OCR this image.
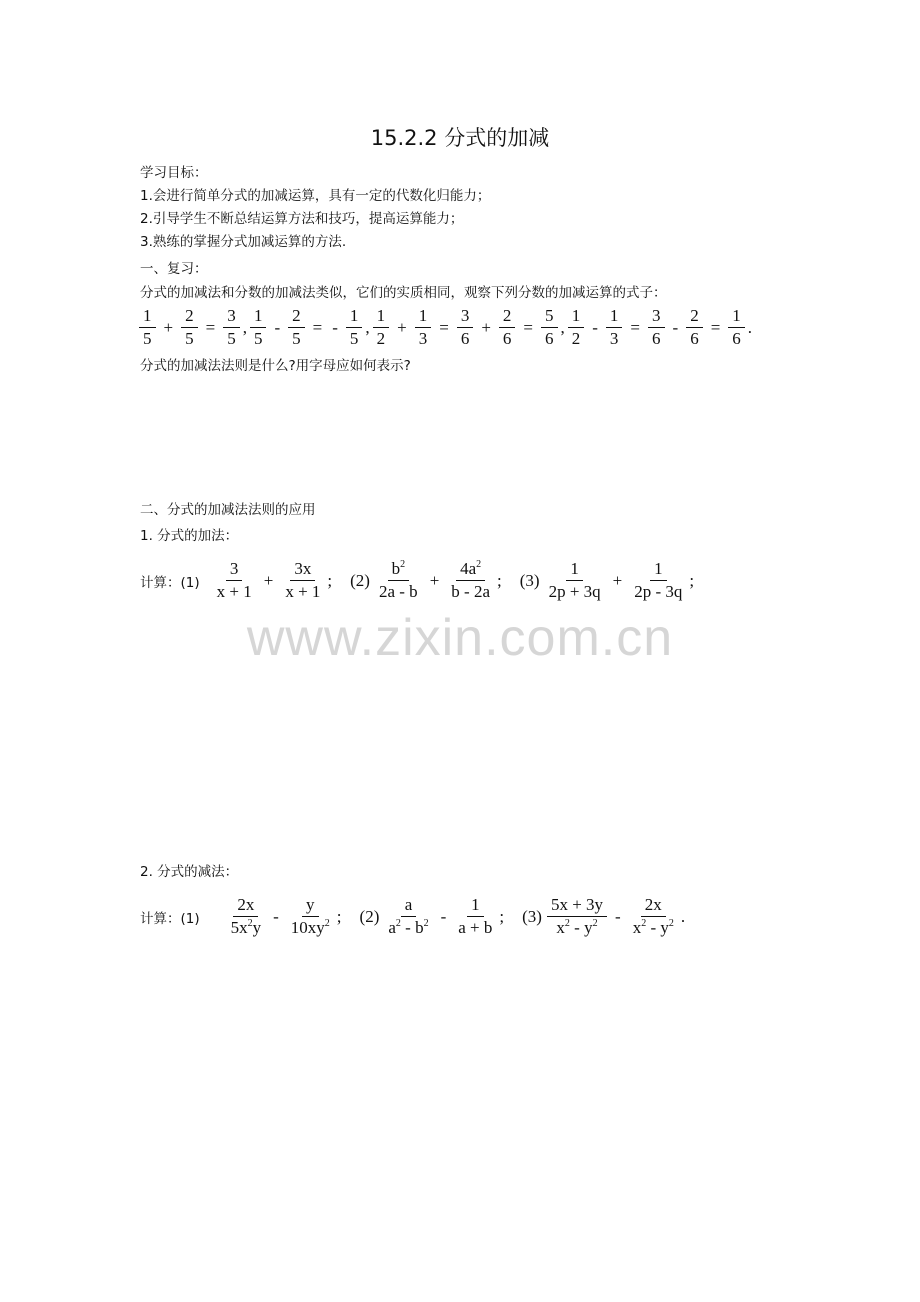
15.2.2 分式的加减
学习目标：
1.会进行简单分式的加减运算，具有一定的代数化归能力；
2.引导学生不断总结运算方法和技巧，提高运算能力；
3.熟练的掌握分式加减运算的方法.
一、复习：
分式的加减法和分数的加减法类似，它们的实质相同，观察下列分数的加减运算的式子：
$\frac{1}{5} + \frac{2}{5} = \frac{3}{5}$ , $\frac{1}{5} - \frac{2}{5}$ = - $\frac{1}{5}$ , $\frac{1}{2} + \frac{1}{3} = \frac{3}{6} + \frac{2}{6} = \frac{5}{6}$ , $\frac{1}{2} - \frac{1}{3} = \frac{3}{6} - \frac{2}{6} = \frac{1}{6}$ .
分式的加减法法则是什么?用字母应如何表示?
二、分式的加减法法则的应用
1. 分式的加法：
计算：$(1) \frac{3}{x + 1} + \frac{3x}{x + 1}$ ; $(2) \frac{b^2}{2a - b} + \frac{4a^2}{b - 2a}$ ; $(3) \frac{1}{2p + 3q} + \frac{1}{2p - 3q}$ ;
www.zixin.com.cn
2. 分式的减法：
计算：$(1) \frac{2x}{5x^2y} - \frac{y}{10xy^2}$ ; $(2) \frac{a}{a^2 - b^2} - \frac{1}{a + b}$ ; $(3) \frac{5x + 3y}{x^2 - y^2} - \frac{2x}{x^2 - y^2}$ .
